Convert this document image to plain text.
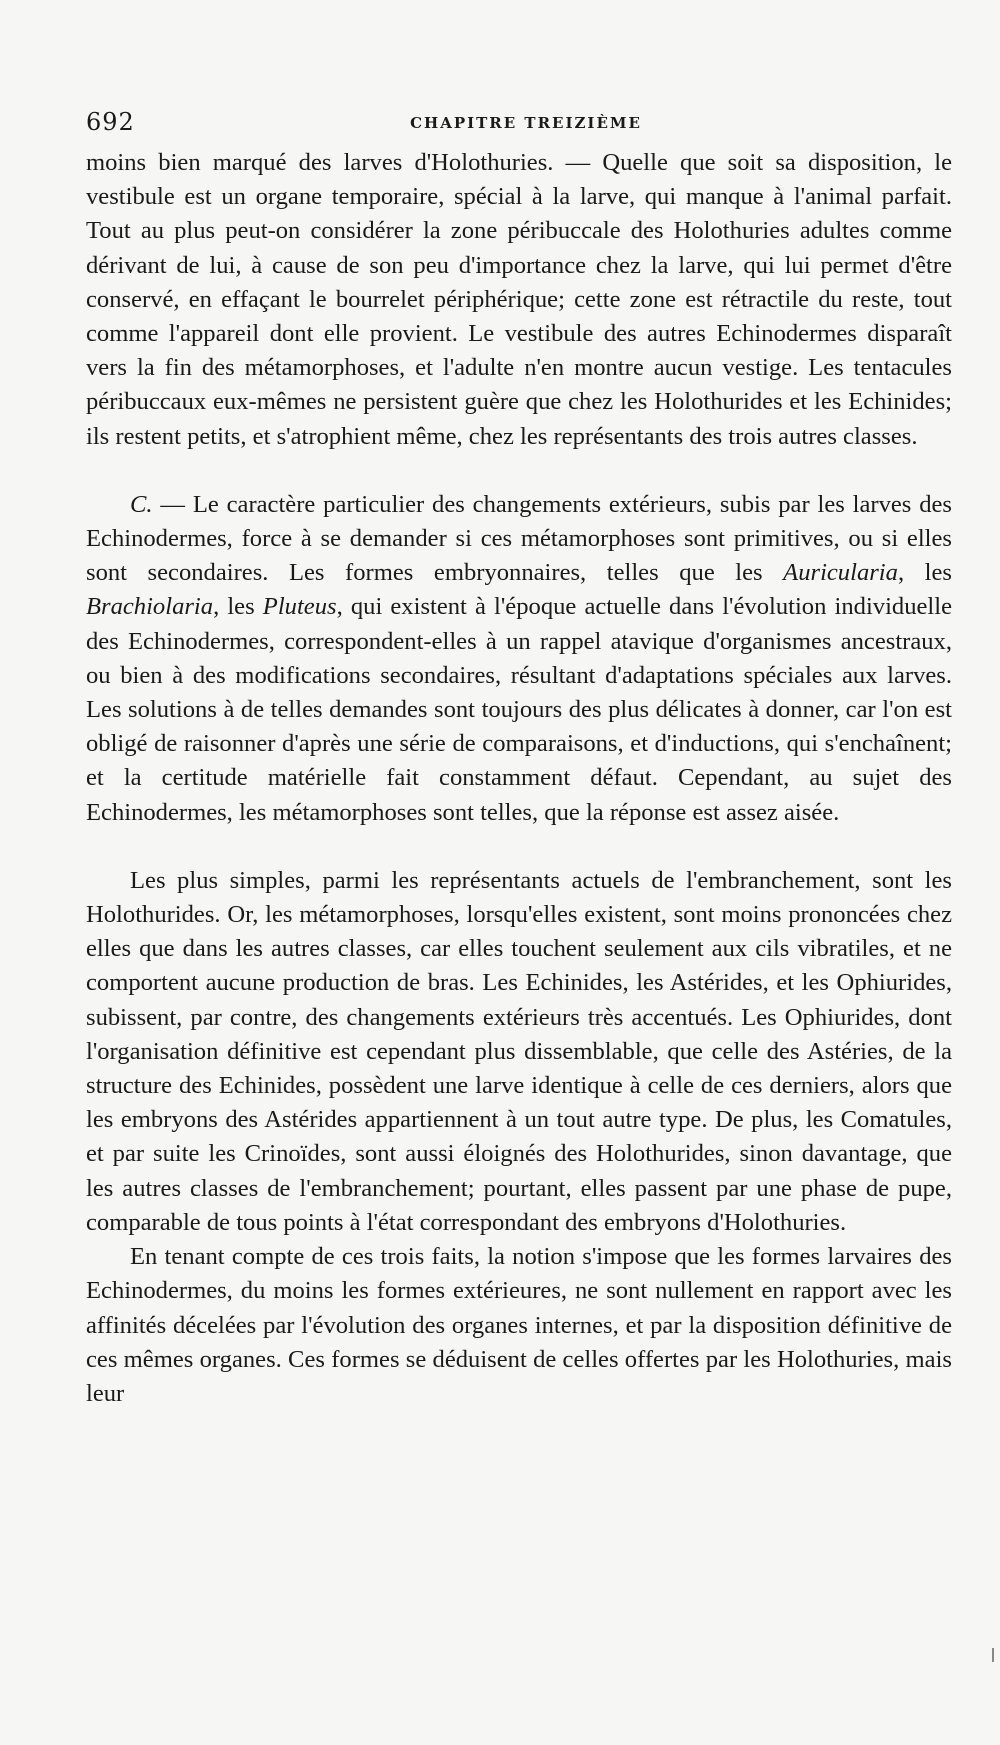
692	CHAPITRE TREIZIÈME

moins bien marqué des larves d'Holothuries. — Quelle que soit sa disposition, le vestibule est un organe temporaire, spécial à la larve, qui manque à l'animal parfait. Tout au plus peut-on considérer la zone péribuccale des Holothuries adultes comme dérivant de lui, à cause de son peu d'importance chez la larve, qui lui permet d'être conservé, en effaçant le bourrelet périphérique; cette zone est rétractile du reste, tout comme l'appareil dont elle provient. Le vestibule des autres Echinodermes disparaît vers la fin des métamorphoses, et l'adulte n'en montre aucun vestige. Les tentacules péribuccaux eux-mêmes ne persistent guère que chez les Holothurides et les Echinides; ils restent petits, et s'atrophient même, chez les représentants des trois autres classes.

C. — Le caractère particulier des changements extérieurs, subis par les larves des Echinodermes, force à se demander si ces métamorphoses sont primitives, ou si elles sont secondaires. Les formes embryonnaires, telles que les Auricularia, les Brachiolaria, les Pluteus, qui existent à l'époque actuelle dans l'évolution individuelle des Echinodermes, correspondent-elles à un rappel atavique d'organismes ancestraux, ou bien à des modifications secondaires, résultant d'adaptations spéciales aux larves. Les solutions à de telles demandes sont toujours des plus délicates à donner, car l'on est obligé de raisonner d'après une série de comparaisons, et d'inductions, qui s'enchaînent; et la certitude matérielle fait constamment défaut. Cependant, au sujet des Echinodermes, les métamorphoses sont telles, que la réponse est assez aisée.

Les plus simples, parmi les représentants actuels de l'embranchement, sont les Holothurides. Or, les métamorphoses, lorsqu'elles existent, sont moins prononcées chez elles que dans les autres classes, car elles touchent seulement aux cils vibratiles, et ne comportent aucune production de bras. Les Echinides, les Astérides, et les Ophiurides, subissent, par contre, des changements extérieurs très accentués. Les Ophiurides, dont l'organisation définitive est cependant plus dissemblable, que celle des Astéries, de la structure des Echinides, possèdent une larve identique à celle de ces derniers, alors que les embryons des Astérides appartiennent à un tout autre type. De plus, les Comatules, et par suite les Crinoïdes, sont aussi éloignés des Holothurides, sinon davantage, que les autres classes de l'embranchement; pourtant, elles passent par une phase de pupe, comparable de tous points à l'état correspondant des embryons d'Holothuries.

En tenant compte de ces trois faits, la notion s'impose que les formes larvaires des Echinodermes, du moins les formes extérieures, ne sont nullement en rapport avec les affinités décelées par l'évolution des organes internes, et par la disposition définitive de ces mêmes organes. Ces formes se déduisent de celles offertes par les Holothuries, mais leur
